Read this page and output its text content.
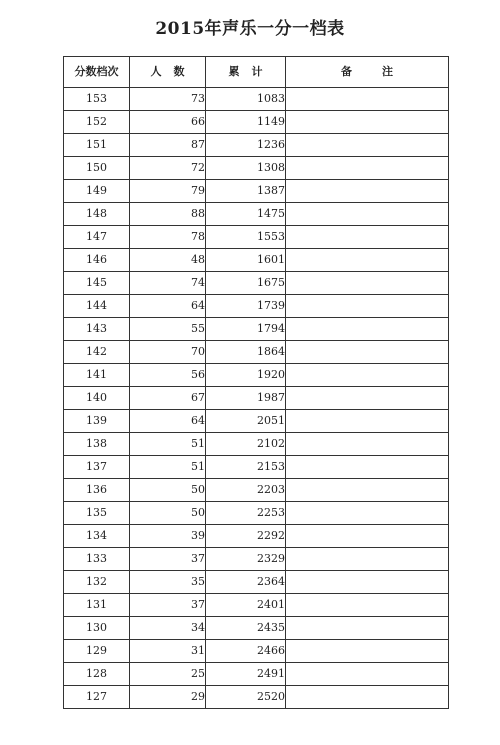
2015年声乐一分一档表
分数档次	人数	累计	备注
153	73	1083	
152	66	1149	
151	87	1236	
150	72	1308	
149	79	1387	
148	88	1475	
147	78	1553	
146	48	1601	
145	74	1675	
144	64	1739	
143	55	1794	
142	70	1864	
141	56	1920	
140	67	1987	
139	64	2051	
138	51	2102	
137	51	2153	
136	50	2203	
135	50	2253	
134	39	2292	
133	37	2329	
132	35	2364	
131	37	2401	
130	34	2435	
129	31	2466	
128	25	2491	
127	29	2520	
